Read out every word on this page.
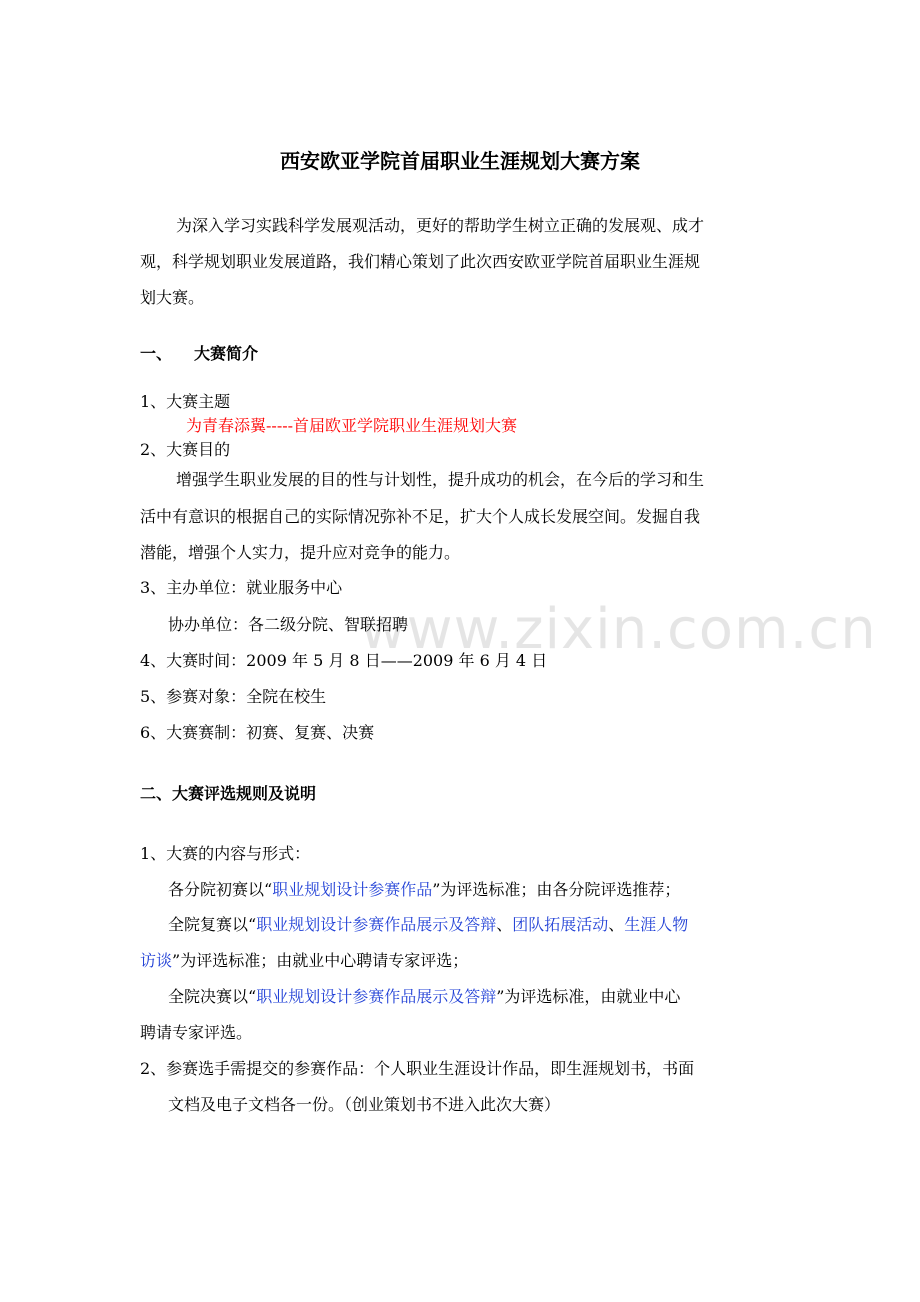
西安欧亚学院首届职业生涯规划大赛方案
为深入学习实践科学发展观活动，更好的帮助学生树立正确的发展观、成才
观，科学规划职业发展道路，我们精心策划了此次西安欧亚学院首届职业生涯规
划大赛。
一、 大赛简介
1、大赛主题
为青春添翼-----首届欧亚学院职业生涯规划大赛
2、大赛目的
增强学生职业发展的目的性与计划性，提升成功的机会，在今后的学习和生
活中有意识的根据自己的实际情况弥补不足，扩大个人成长发展空间。发掘自我
潜能，增强个人实力，提升应对竞争的能力。
3、主办单位：就业服务中心
协办单位：各二级分院、智联招聘
4、大赛时间：2009 年 5 月 8 日——2009 年 6 月 4 日
5、参赛对象：全院在校生
6、大赛赛制：初赛、复赛、决赛
二、大赛评选规则及说明
1、大赛的内容与形式：
各分院初赛以“职业规划设计参赛作品”为评选标准；由各分院评选推荐；
全院复赛以“职业规划设计参赛作品展示及答辩、团队拓展活动、生涯人物
访谈”为评选标准；由就业中心聘请专家评选；
全院决赛以“职业规划设计参赛作品展示及答辩”为评选标准，由就业中心
聘请专家评选。
2、参赛选手需提交的参赛作品：个人职业生涯设计作品，即生涯规划书，书面
文档及电子文档各一份。（创业策划书不进入此次大赛）
www.zixin.com.cn
